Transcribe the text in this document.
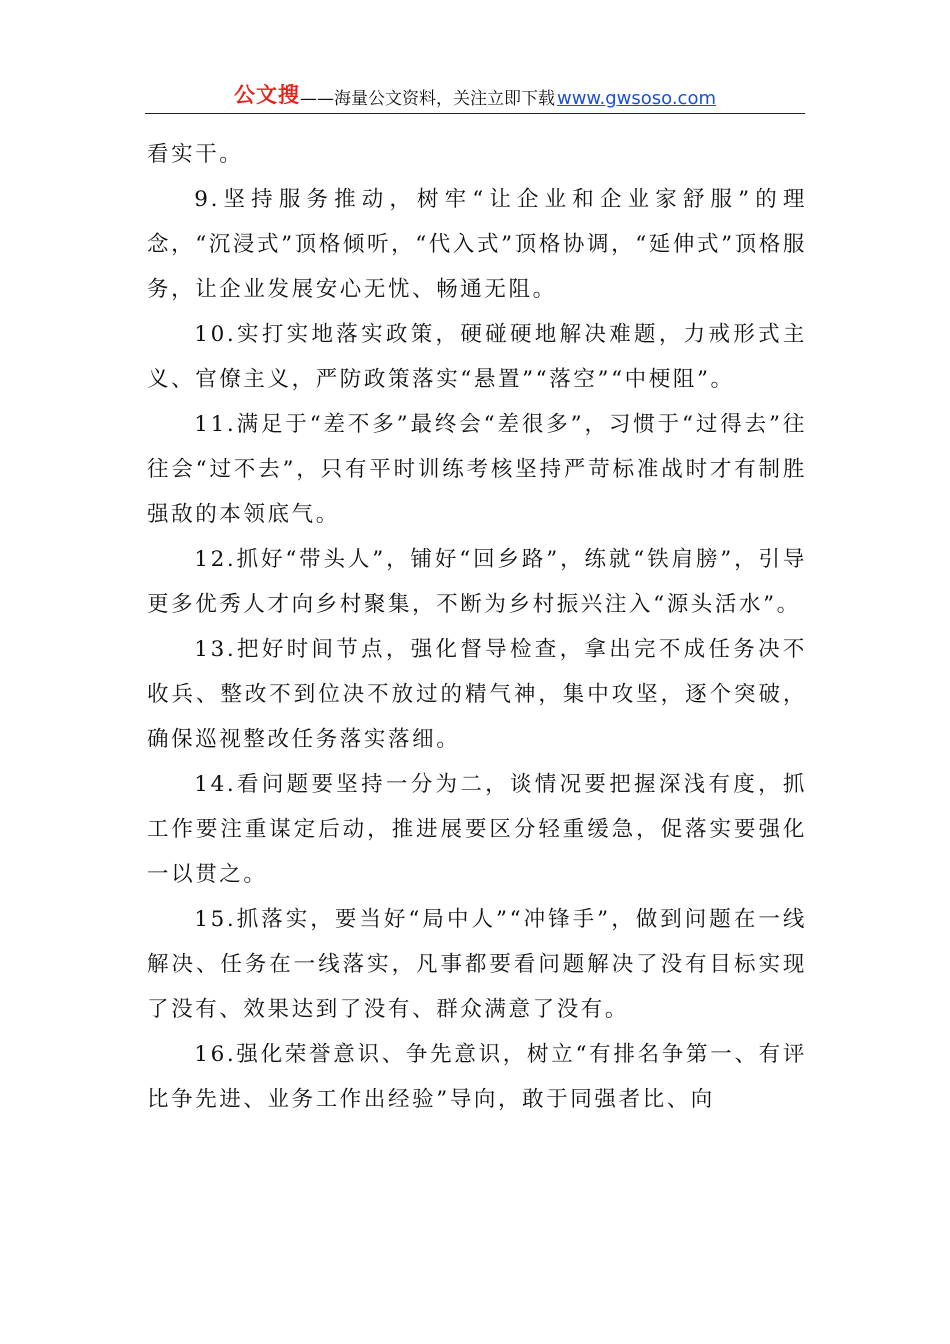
公文搜 ——海量公文资料，关注立即下载 www.gwsoso.com

看实干。

9.坚持服务推动，树牢“让企业和企业家舒服”的理念，“沉浸式”顶格倾听，“代入式”顶格协调，“延伸式”顶格服务，让企业发展安心无忧、畅通无阻。

10.实打实地落实政策，硬碰硬地解决难题，力戒形式主义、官僚主义，严防政策落实“悬置”“落空”“中梗阻”。

11.满足于“差不多”最终会“差很多”，习惯于“过得去”往往会“过不去”，只有平时训练考核坚持严苛标准战时才有制胜强敌的本领底气。

12.抓好“带头人”，铺好“回乡路”，练就“铁肩膀”，引导更多优秀人才向乡村聚集，不断为乡村振兴注入“源头活水”。

13.把好时间节点，强化督导检查，拿出完不成任务决不收兵、整改不到位决不放过的精气神，集中攻坚，逐个突破，确保巡视整改任务落实落细。

14.看问题要坚持一分为二，谈情况要把握深浅有度，抓工作要注重谋定后动，推进展要区分轻重缓急，促落实要强化一以贯之。

15.抓落实，要当好“局中人”“冲锋手”，做到问题在一线解决、任务在一线落实，凡事都要看问题解决了没有目标实现了没有、效果达到了没有、群众满意了没有。

16.强化荣誉意识、争先意识，树立“有排名争第一、有评比争先进、业务工作出经验”导向，敢于同强者比、向
